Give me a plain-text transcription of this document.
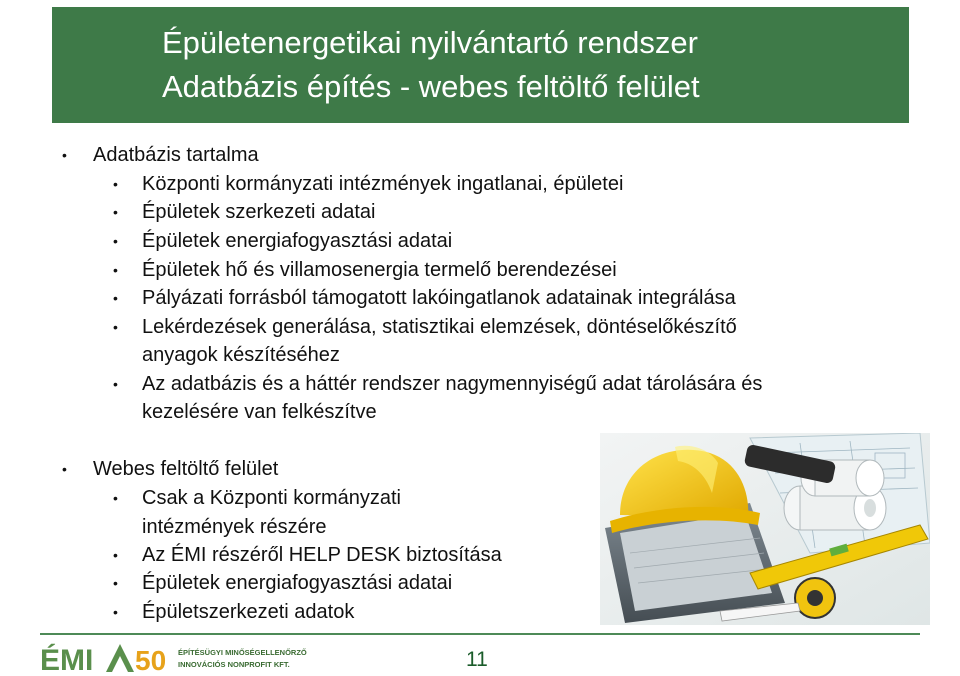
Épületenergetikai nyilvántartó rendszer
Adatbázis építés - webes feltöltő felület
• Adatbázis tartalma
• Központi kormányzati intézmények ingatlanai, épületei
• Épületek szerkezeti adatai
• Épületek energiafogyasztási adatai
• Épületek hő és villamosenergia termelő berendezései
• Pályázati forrásból támogatott lakóingatlanok adatainak integrálása
• Lekérdezések generálása, statisztikai elemzések, döntéselőkészítő
anyagok készítéséhez
• Az adatbázis és a háttér rendszer nagymennyiségű adat tárolására és
kezelésére van felkészítve
• Webes feltöltő felület
• Csak a Központi kormányzati
intézmények részére
• Az ÉMI részéről HELP DESK biztosítása
• Épületek energiafogyasztási adatai
• Épületszerkezeti adatok
ÉMI 50 ÉPÍTÉSÜGYI MINŐSÉGELLENŐRZŐ
INNOVÁCIÓS NONPROFIT KFT.	11
